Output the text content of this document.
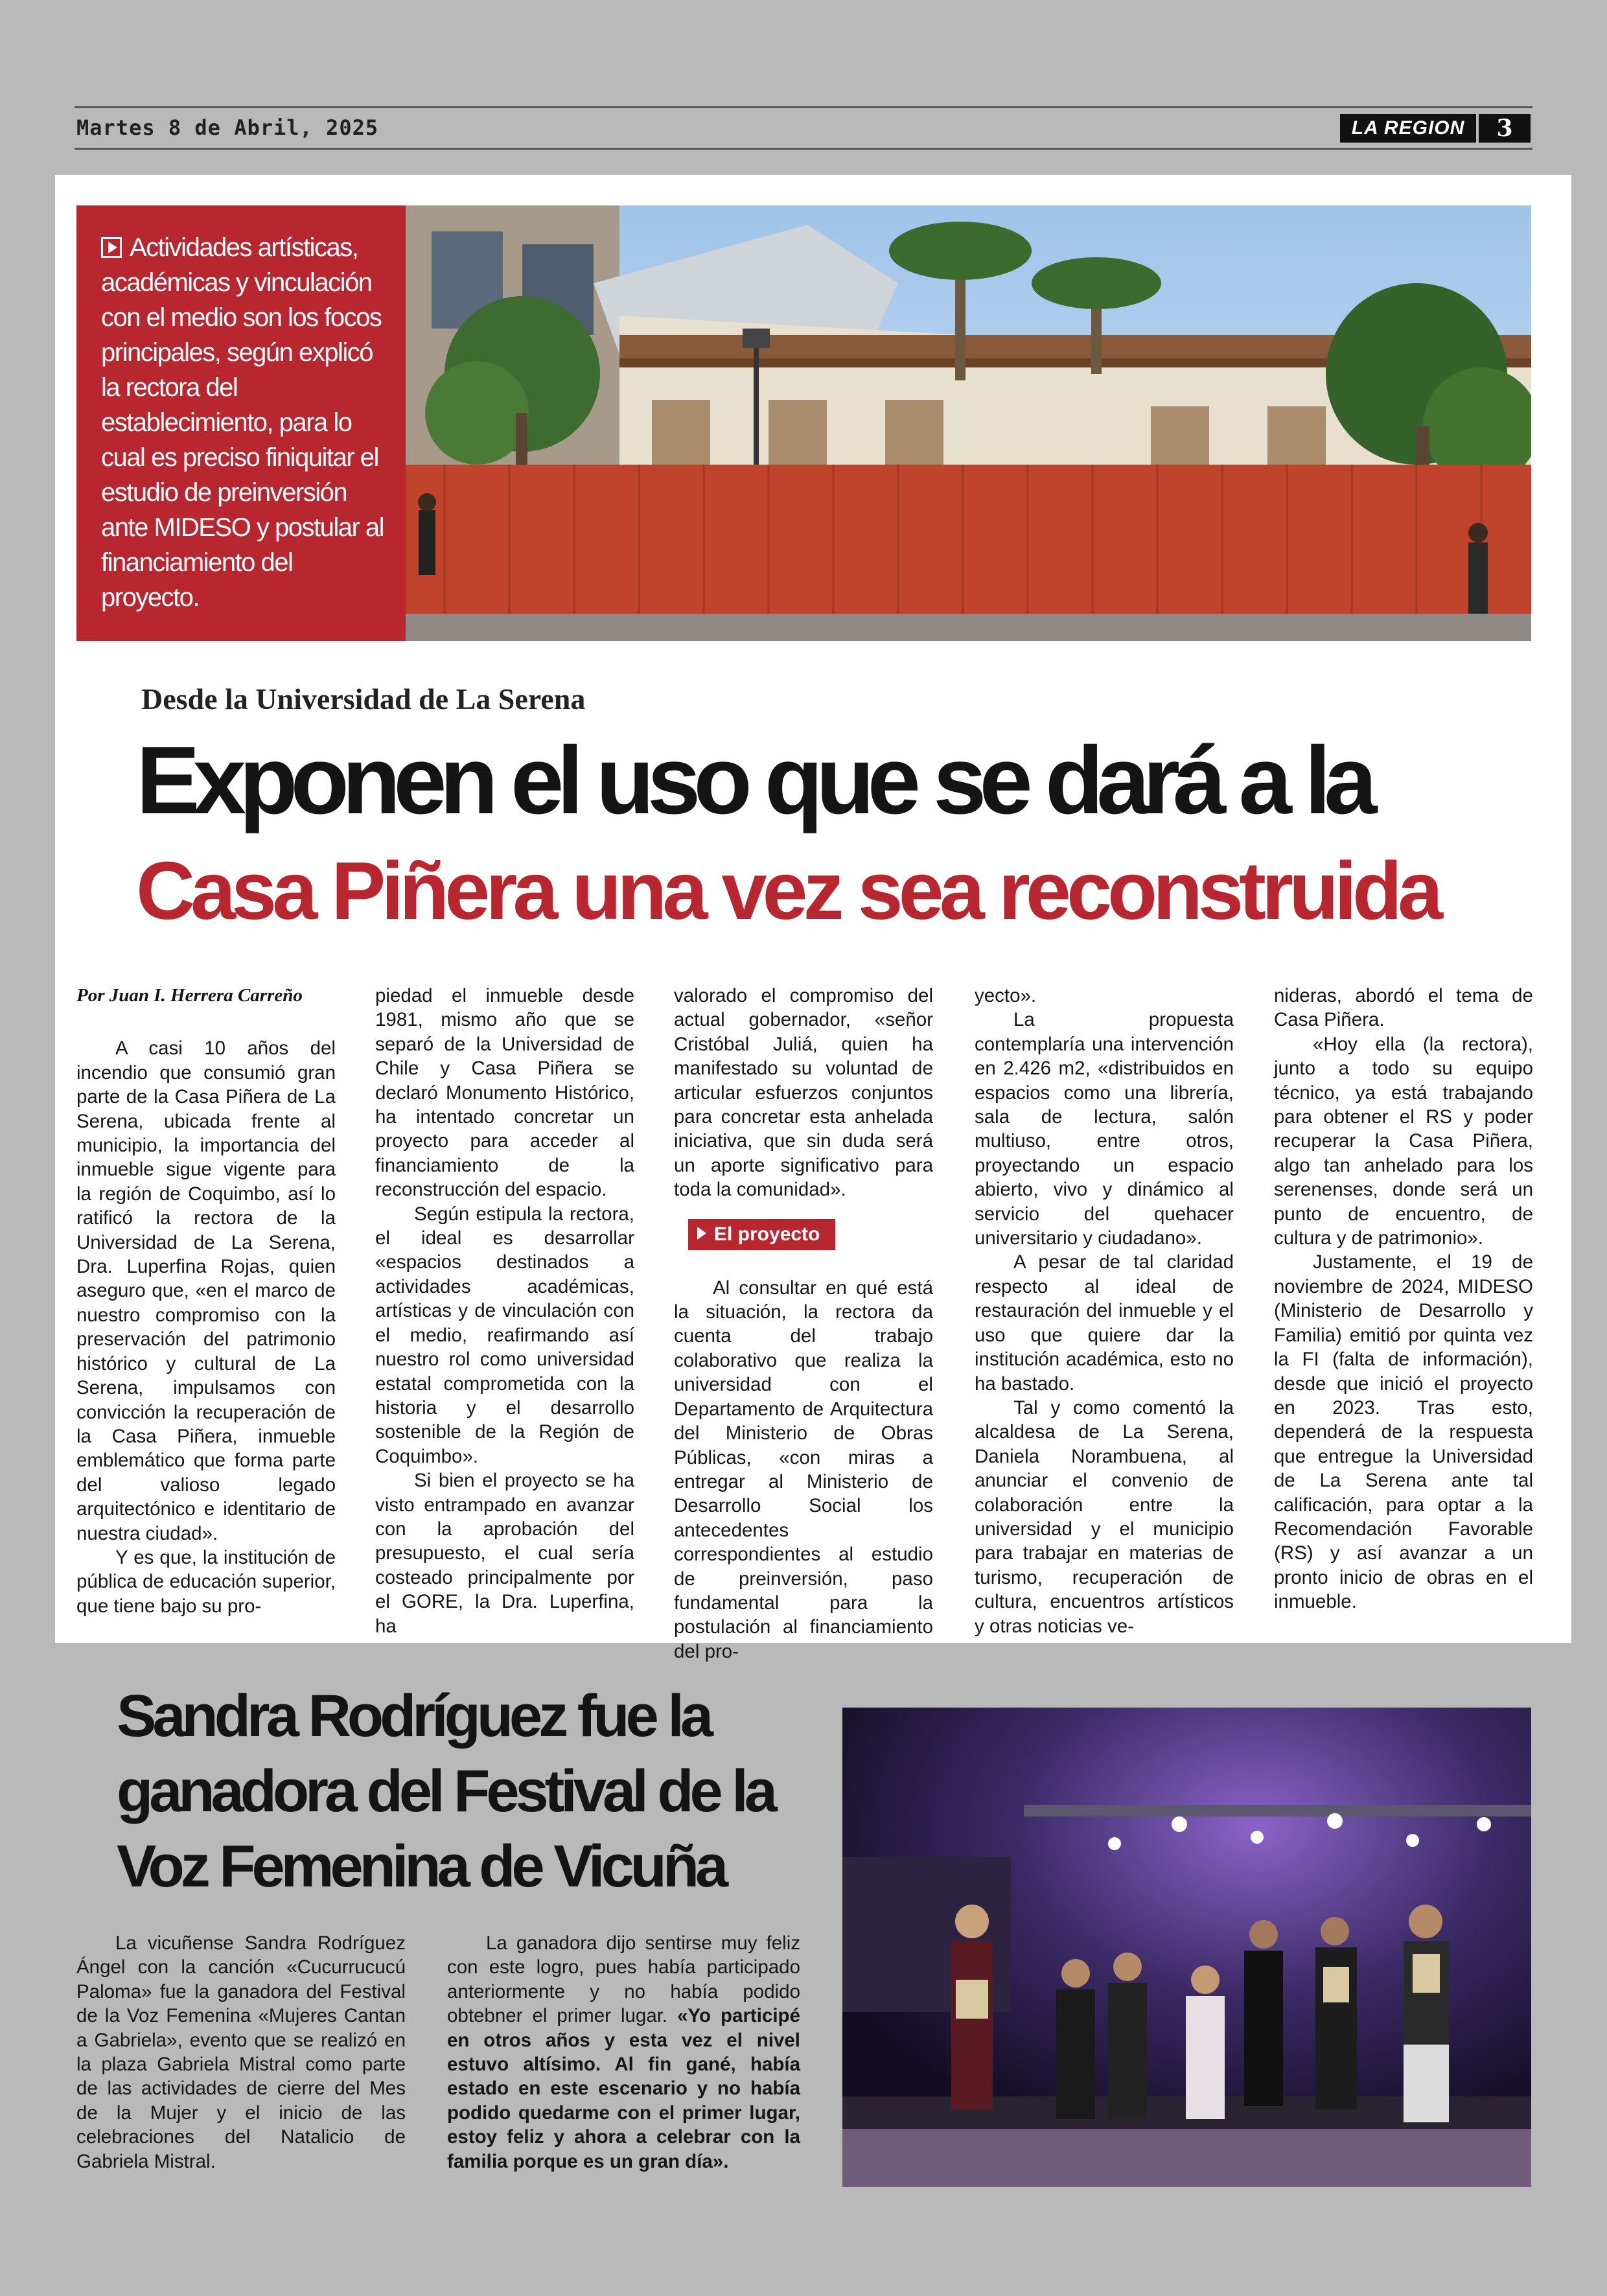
Martes 8 de Abril, 2025	LA REGION	3
Actividades artísticas, académicas y vinculación con el medio son los focos principales, según explicó la rectora del establecimiento, para lo cual es preciso finiquitar el estudio de preinversión ante MIDESO y postular al financiamiento del proyecto.
Desde la Universidad de La Serena
Exponen el uso que se dará a la
Casa Piñera una vez sea reconstruida

Por Juan I. Herrera Carreño

A casi 10 años del incendio que consumió gran parte de la Casa Piñera de La Serena, ubicada frente al municipio, la importancia del inmueble sigue vigente para la región de Coquimbo, así lo ratificó la rectora de la Universidad de La Serena, Dra. Luperfina Rojas, quien aseguro que, «en el marco de nuestro compromiso con la preservación del patrimonio histórico y cultural de La Serena, impulsamos con convicción la recuperación de la Casa Piñera, inmueble emblemático que forma parte del valioso legado arquitectónico e identitario de nuestra ciudad».

Y es que, la institución de pública de educación superior, que tiene bajo su pro-

piedad el inmueble desde 1981, mismo año que se separó de la Universidad de Chile y Casa Piñera se declaró Monumento Histórico, ha intentado concretar un proyecto para acceder al financiamiento de la reconstrucción del espacio.

Según estipula la rectora, el ideal es desarrollar «espacios destinados a actividades académicas, artísticas y de vinculación con el medio, reafirmando así nuestro rol como universidad estatal comprometida con la historia y el desarrollo sostenible de la Región de Coquimbo».

Si bien el proyecto se ha visto entrampado en avanzar con la aprobación del presupuesto, el cual sería costeado principalmente por el GORE, la Dra. Luperfina, ha

valorado el compromiso del actual gobernador, «señor Cristóbal Juliá, quien ha manifestado su voluntad de articular esfuerzos conjuntos para concretar esta anhelada iniciativa, que sin duda será un aporte significativo para toda la comunidad».

El proyecto

Al consultar en qué está la situación, la rectora da cuenta del trabajo colaborativo que realiza la universidad con el Departamento de Arquitectura del Ministerio de Obras Públicas, «con miras a entregar al Ministerio de Desarrollo Social los antecedentes correspondientes al estudio de preinversión, paso fundamental para la postulación al financiamiento del pro-

yecto».

La propuesta contemplaría una intervención en 2.426 m2, «distribuidos en espacios como una librería, sala de lectura, salón multiuso, entre otros, proyectando un espacio abierto, vivo y dinámico al servicio del quehacer universitario y ciudadano».

A pesar de tal claridad respecto al ideal de restauración del inmueble y el uso que quiere dar la institución académica, esto no ha bastado.

Tal y como comentó la alcaldesa de La Serena, Daniela Norambuena, al anunciar el convenio de colaboración entre la universidad y el municipio para trabajar en materias de turismo, recuperación de cultura, encuentros artísticos y otras noticias ve-

nideras, abordó el tema de Casa Piñera.

«Hoy ella (la rectora), junto a todo su equipo técnico, ya está trabajando para obtener el RS y poder recuperar la Casa Piñera, algo tan anhelado para los serenenses, donde será un punto de encuentro, de cultura y de patrimonio».

Justamente, el 19 de noviembre de 2024, MIDESO (Ministerio de Desarrollo y Familia) emitió por quinta vez la FI (falta de información), desde que inició el proyecto en 2023. Tras esto, dependerá de la respuesta que entregue la Universidad de La Serena ante tal calificación, para optar a la Recomendación Favorable (RS) y así avanzar a un pronto inicio de obras en el inmueble.

Sandra Rodríguez fue la
ganadora del Festival de la
Voz Femenina de Vicuña

La vicuñense Sandra Rodríguez Ángel con la canción «Cucurrucucú Paloma» fue la ganadora del Festival de la Voz Femenina «Mujeres Cantan a Gabriela», evento que se realizó en la plaza Gabriela Mistral como parte de las actividades de cierre del Mes de la Mujer y el inicio de las celebraciones del Natalicio de Gabriela Mistral.

La ganadora dijo sentirse muy feliz con este logro, pues había participado anteriormente y no había podido obtebner el primer lugar. «Yo participé en otros años y esta vez el nivel estuvo altísimo. Al fin gané, había estado en este escenario y no había podido quedarme con el primer lugar, estoy feliz y ahora a celebrar con la familia porque es un gran día».
